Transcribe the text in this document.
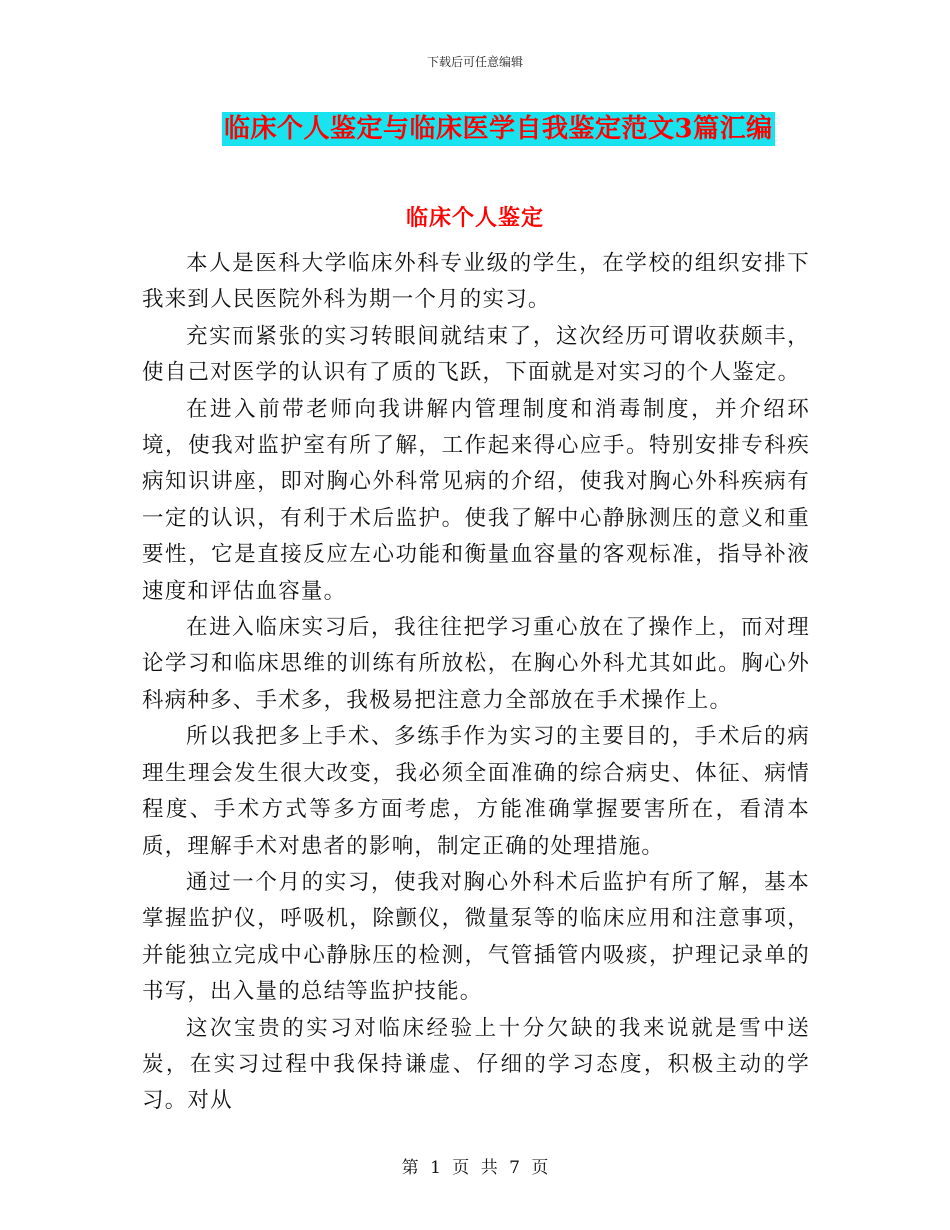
下载后可任意编辑
临床个人鉴定与临床医学自我鉴定范文3篇汇编
临床个人鉴定

本人是医科大学临床外科专业级的学生，在学校的组织安排下我来到人民医院外科为期一个月的实习。

充实而紧张的实习转眼间就结束了，这次经历可谓收获颇丰，使自己对医学的认识有了质的飞跃，下面就是对实习的个人鉴定。

在进入前带老师向我讲解内管理制度和消毒制度，并介绍环境，使我对监护室有所了解，工作起来得心应手。特别安排专科疾病知识讲座，即对胸心外科常见病的介绍，使我对胸心外科疾病有一定的认识，有利于术后监护。使我了解中心静脉测压的意义和重要性，它是直接反应左心功能和衡量血容量的客观标准，指导补液速度和评估血容量。

在进入临床实习后，我往往把学习重心放在了操作上，而对理论学习和临床思维的训练有所放松，在胸心外科尤其如此。胸心外科病种多、手术多，我极易把注意力全部放在手术操作上。

所以我把多上手术、多练手作为实习的主要目的，手术后的病理生理会发生很大改变，我必须全面准确的综合病史、体征、病情程度、手术方式等多方面考虑，方能准确掌握要害所在，看清本质，理解手术对患者的影响，制定正确的处理措施。

通过一个月的实习，使我对胸心外科术后监护有所了解，基本掌握监护仪，呼吸机，除颤仪，微量泵等的临床应用和注意事项，并能独立完成中心静脉压的检测，气管插管内吸痰，护理记录单的书写，出入量的总结等监护技能。

这次宝贵的实习对临床经验上十分欠缺的我来说就是雪中送炭，在实习过程中我保持谦虚、仔细的学习态度，积极主动的学习。对从

第 1 页 共 7 页
